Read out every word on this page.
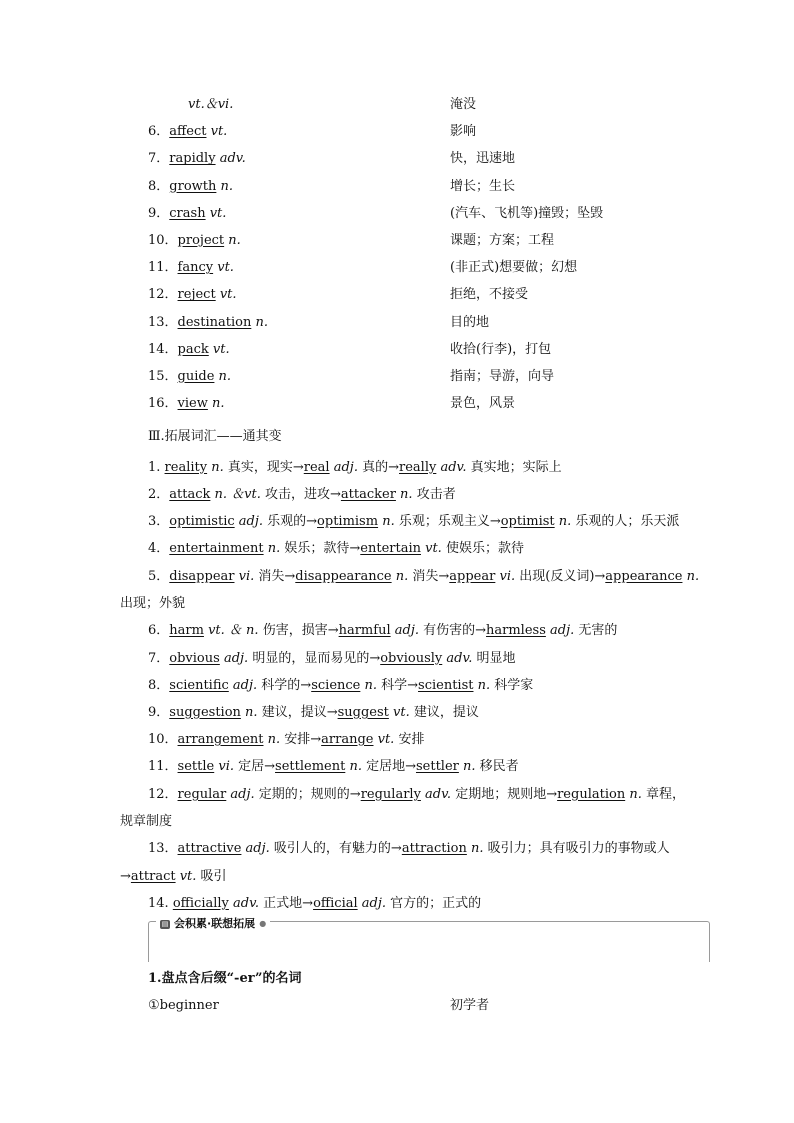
vt.＆vi.	淹没
6．affect vt.	影响
7．rapidly adv.	快，迅速地
8．growth n.	增长；生长
9．crash vt.	(汽车、飞机等)撞毁；坠毁
10．project n.	课题；方案；工程
11．fancy vt.	(非正式)想要做；幻想
12．reject vt.	拒绝，不接受
13．destination n.	目的地
14．pack vt.	收拾(行李)，打包
15．guide n.	指南；导游，向导
16．view n.	景色，风景
Ⅲ.拓展词汇——通其变
1. reality n. 真实，现实→real adj. 真的→really adv. 真实地；实际上
2．attack n. ＆vt. 攻击，进攻→attacker n. 攻击者
3．optimistic adj. 乐观的→optimism n. 乐观；乐观主义→optimist n. 乐观的人；乐天派
4．entertainment n. 娱乐；款待→entertain vt. 使娱乐；款待
5．disappear vi. 消失→disappearance n. 消失→appear vi. 出现(反义词)→appearance n.
出现；外貌
6．harm vt. ＆ n. 伤害，损害→harmful adj. 有伤害的→harmless adj. 无害的
7．obvious adj. 明显的，显而易见的→obviously adv. 明显地
8．scientific adj. 科学的→science n. 科学→scientist n. 科学家
9．suggestion n. 建议，提议→suggest vt. 建议，提议
10．arrangement n. 安排→arrange vt. 安排
11．settle vi. 定居→settlement n. 定居地→settler n. 移民者
12．regular adj. 定期的；规则的→regularly adv. 定期地；规则地→regulation n. 章程，
规章制度
13．attractive adj. 吸引人的，有魅力的→attraction n. 吸引力；具有吸引力的事物或人
→attract vt. 吸引
14. officially adv. 正式地→official adj. 官方的；正式的
▤ 会积累·联想拓展 ●
1.盘点含后缀“-er”的名词
①beginner	初学者
